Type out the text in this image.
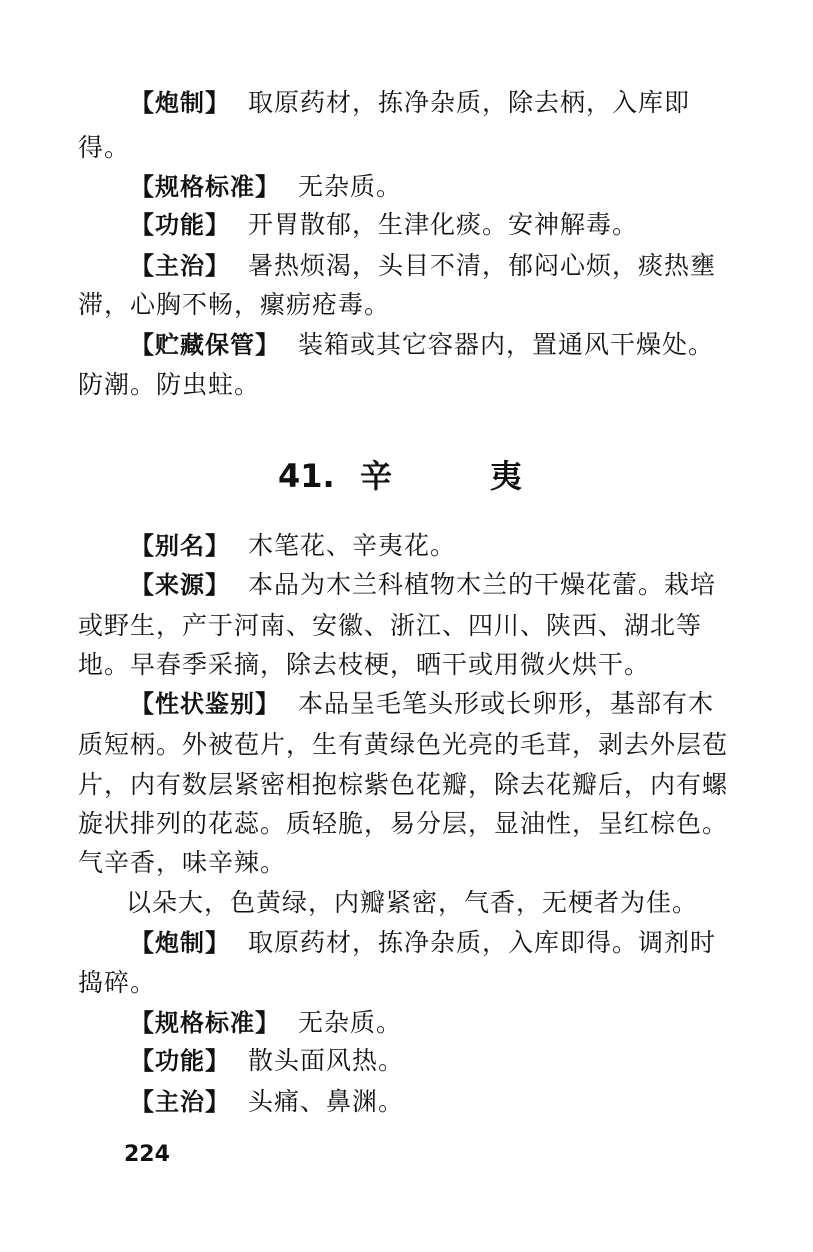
【炮制】 取原药材，拣净杂质，除去柄，入库即
得。
【规格标准】 无杂质。
【功能】 开胃散郁，生津化痰。安神解毒。
【主治】 暑热烦渴，头目不清，郁闷心烦，痰热壅
滞，心胸不畅，瘰疬疮毒。
【贮藏保管】 装箱或其它容器内，置通风干燥处。
防潮。防虫蛀。
41. 辛	夷
【别名】 木笔花、辛夷花。
【来源】 本品为木兰科植物木兰的干燥花蕾。栽培
或野生，产于河南、安徽、浙江、四川、陕西、湖北等
地。早春季采摘，除去枝梗，晒干或用微火烘干。
【性状鉴别】 本品呈毛笔头形或长卵形，基部有木
质短柄。外被苞片，生有黄绿色光亮的毛茸，剥去外层苞
片，内有数层紧密相抱棕紫色花瓣，除去花瓣后，内有螺
旋状排列的花蕊。质轻脆，易分层，显油性，呈红棕色。
气辛香，味辛辣。
以朵大，色黄绿，内瓣紧密，气香，无梗者为佳。
【炮制】 取原药材，拣净杂质，入库即得。调剂时
捣碎。
【规格标准】 无杂质。
【功能】 散头面风热。
【主治】 头痛、鼻渊。
224
